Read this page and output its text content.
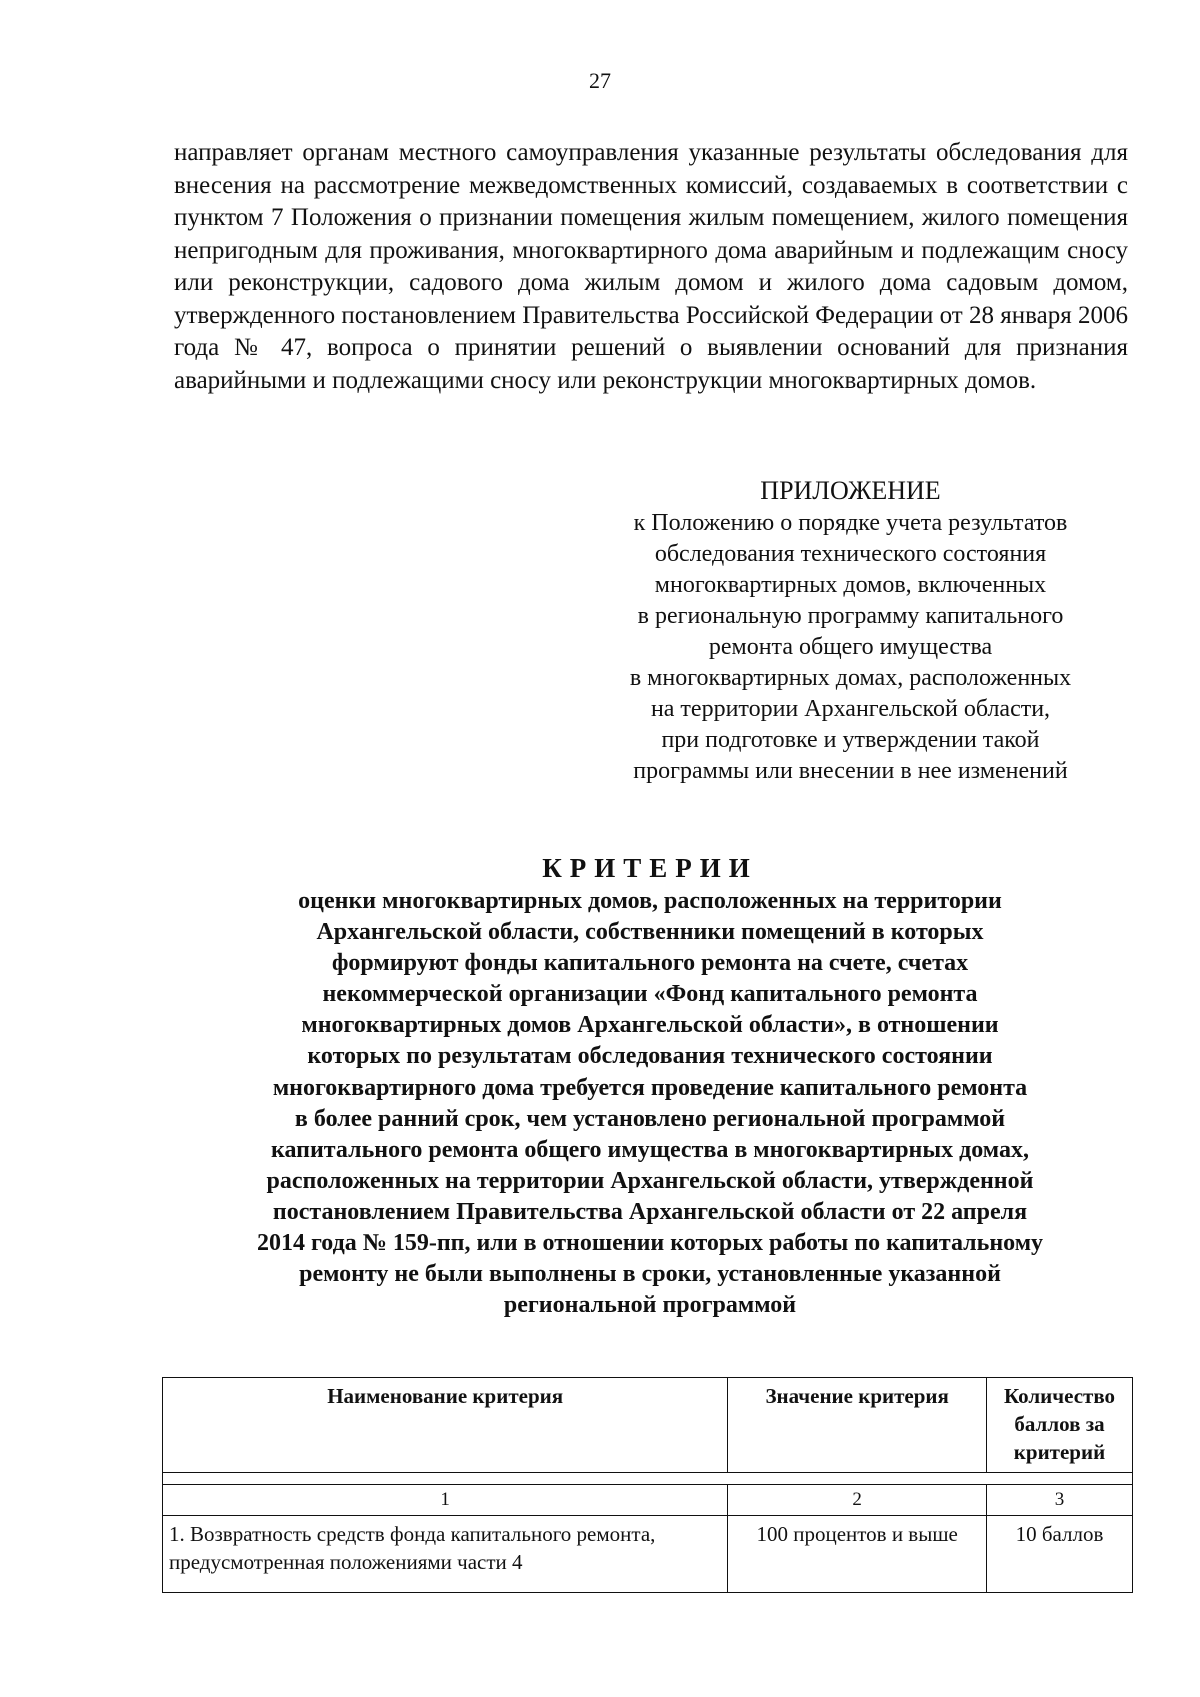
27
направляет органам местного самоуправления указанные результаты обследования для внесения на рассмотрение межведомственных комиссий, создаваемых в соответствии с пунктом 7 Положения о признании помещения жилым помещением, жилого помещения непригодным для проживания, многоквартирного дома аварийным и подлежащим сносу или реконструкции, садового дома жилым домом и жилого дома садовым домом, утвержденного постановлением Правительства Российской Федерации от 28 января 2006 года № 47, вопроса о принятии решений о выявлении оснований для признания аварийными и подлежащими сносу или реконструкции многоквартирных домов.
ПРИЛОЖЕНИЕ
к Положению о порядке учета результатов
обследования технического состояния
многоквартирных домов, включенных
в региональную программу капитального
ремонта общего имущества
в многоквартирных домах, расположенных
на территории Архангельской области,
при подготовке и утверждении такой
программы или внесении в нее изменений
КРИТЕРИИ
оценки многоквартирных домов, расположенных на территории
Архангельской области, собственники помещений в которых
формируют фонды капитального ремонта на счете, счетах
некоммерческой организации «Фонд капитального ремонта
многоквартирных домов Архангельской области», в отношении
которых по результатам обследования технического состоянии
многоквартирного дома требуется проведение капитального ремонта
в более ранний срок, чем установлено региональной программой
капитального ремонта общего имущества в многоквартирных домах,
расположенных на территории Архангельской области, утвержденной
постановлением Правительства Архангельской области от 22 апреля
2014 года № 159-пп, или в отношении которых работы по капитальному
ремонту не были выполнены в сроки, установленные указанной
региональной программой
Наименование критерия	Значение критерия	Количество баллов за критерий

1	2	3
1. Возвратность средств фонда капитального ремонта, предусмотренная положениями части 4	100 процентов и выше	10 баллов
